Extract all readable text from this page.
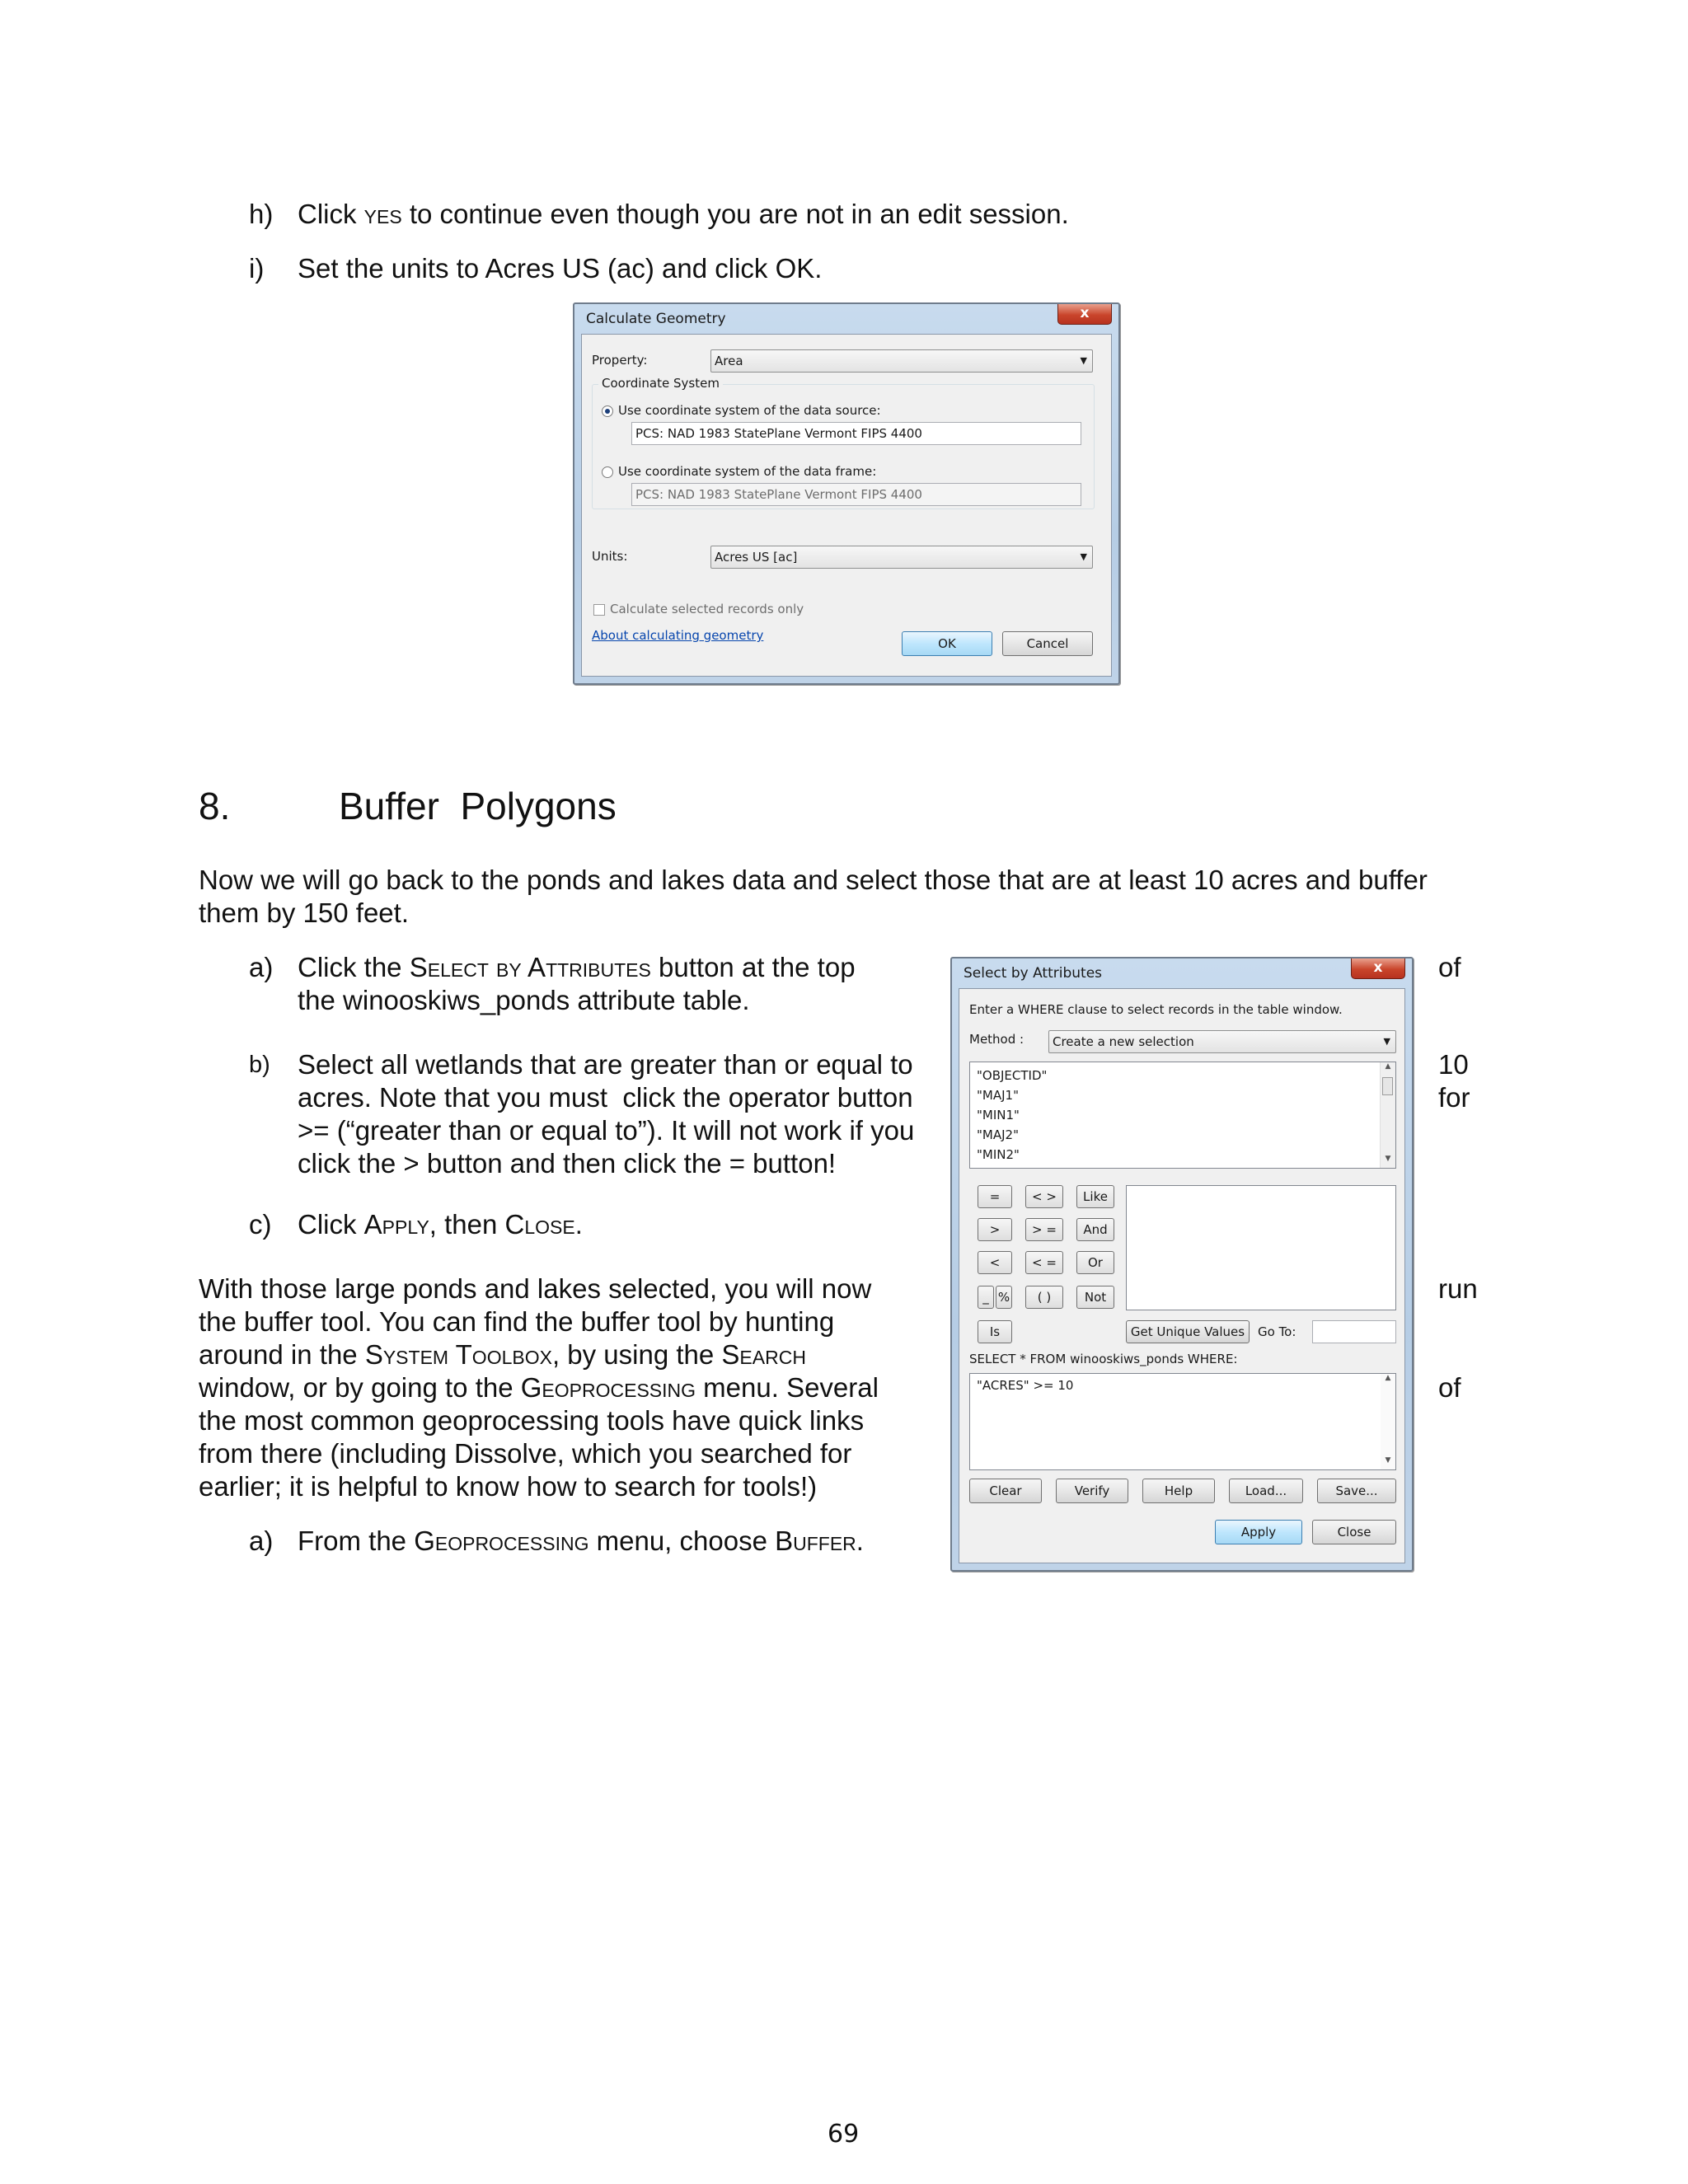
h) Click yes to continue even though you are not in an edit session.
i) Set the units to Acres US (ac) and click OK.
Calculate Geometry	x
Property:	Area	▼
Coordinate System
Use coordinate system of the data source:
PCS: NAD 1983 StatePlane Vermont FIPS 4400
Use coordinate system of the data frame:
PCS: NAD 1983 StatePlane Vermont FIPS 4400
Units:	Acres US [ac]	▼
Calculate selected records only
About calculating geometry
OK	Cancel
8.	Buffer  Polygons
Now we will go back to the ponds and lakes data and select those that are at least 10 acres and buffer them by 150 feet.
a) Click the Select by Attributes button at the top
the winooskiws_ponds attribute table.
b) Select all wetlands that are greater than or equal to
acres. Note that you must  click the operator button
>= (“greater than or equal to”). It will not work if you
click the > button and then click the = button!
c) Click Apply, then Close.
of
10
for
run
of
With those large ponds and lakes selected, you will now
the buffer tool. You can find the buffer tool by hunting
around in the System Toolbox, by using the Search
window, or by going to the Geoprocessing menu. Several
the most common geoprocessing tools have quick links
from there (including Dissolve, which you searched for
earlier; it is helpful to know how to search for tools!)
a) From the Geoprocessing menu, choose Buffer.
Select by Attributes	x
Enter a WHERE clause to select records in the table window.
Method :	Create a new selection	▼
"OBJECTID"
"MAJ1"
"MIN1"
"MAJ2"
"MIN2"
▲
▼
=	< >	Like
>	> =	And
<	< =	Or
_ %	( )	Not
Is	Get Unique Values	Go To:
SELECT * FROM winooskiws_ponds WHERE:
"ACRES" >= 10	▲
▼
Clear	Verify	Help	Load...	Save...
Apply	Close
69
